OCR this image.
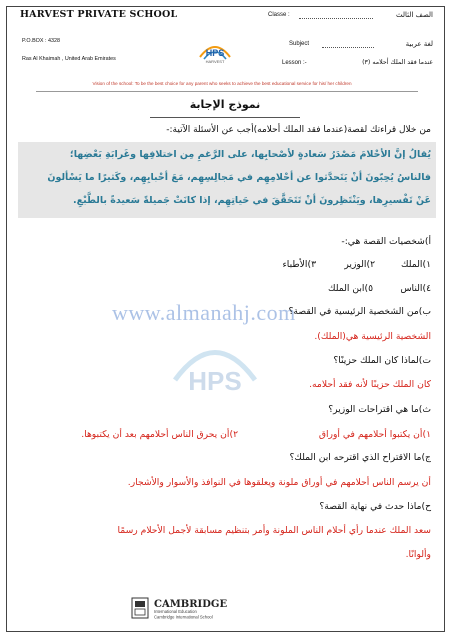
HARVEST PRIVATE SCHOOL
P.O.BOX : 4328
Ras Al Khaimah , United Arab Emirates
HPS
HARVEST
الصف الثالث
Classe :
لغة عربية
Subject
عندما فقد الملك أحلامه (٣)
Lesson :-
Vision of the school: To be the best choice for any parent who seeks to achieve the best educational service for his/ her children
نموذج الإجابة
من خلال قراءتك لقصة(عندما فقد الملك أحلامه)أجب عن الأسئلة الآتية:-
يُقالُ إنَّ الأحْلامَ مَصْدَرُ سَعادةٍ لأصْحابِها، على الرَّغمِ مِن اختلافِها وغَرابَةِ بَعْضِها؛
فالناسُ يُحِبّونَ أنْ يَتَحدَّثوا عن أحْلامِهِم في مَجالِسِهِم، مَعَ أحْبابِهِم، وكَثيرًا ما يَسْألونَ
عَنْ تَفْسيرِها، ويَنْتَظِرونَ أنْ تَتَحَقَّقَ في حَياتِهِم، إذا كانَتْ جَميلةً سَعيدةً بالطَّبْعِ.
www.almanahj.com
HPS
أ)شخصيات القصة هي:-
١)الملك
٢)الوزير
٣)الأطباء
٤)الناس
٥)ابن الملك
ب)من الشخصية الرئيسية في القصة؟
الشخصية الرئيسية هي(الملك).
ت)لماذا كان الملك حزينًا؟
كان الملك حزينًا لأنه فقد أحلامه.
ث)ما هي اقتراحات الوزير؟
١)أن يكتبوا أحلامهم في أوراق
٢)أن يحرق الناس أحلامهم بعد أن يكتبوها.
ج)ما الاقتراح الذي اقترحه ابن الملك؟
أن يرسم الناس أحلامهم في أوراق ملونة ويعلقوها في النوافذ والأسوار والأشجار.
ح)ماذا حدث في نهاية القصة؟
سعد الملك عندما رأي أحلام الناس الملونة وأمر بتنظيم مسابقة لأجمل الأحلام رسمًا
وألوانًا.
CAMBRIDGE
International Education
Cambridge International School
